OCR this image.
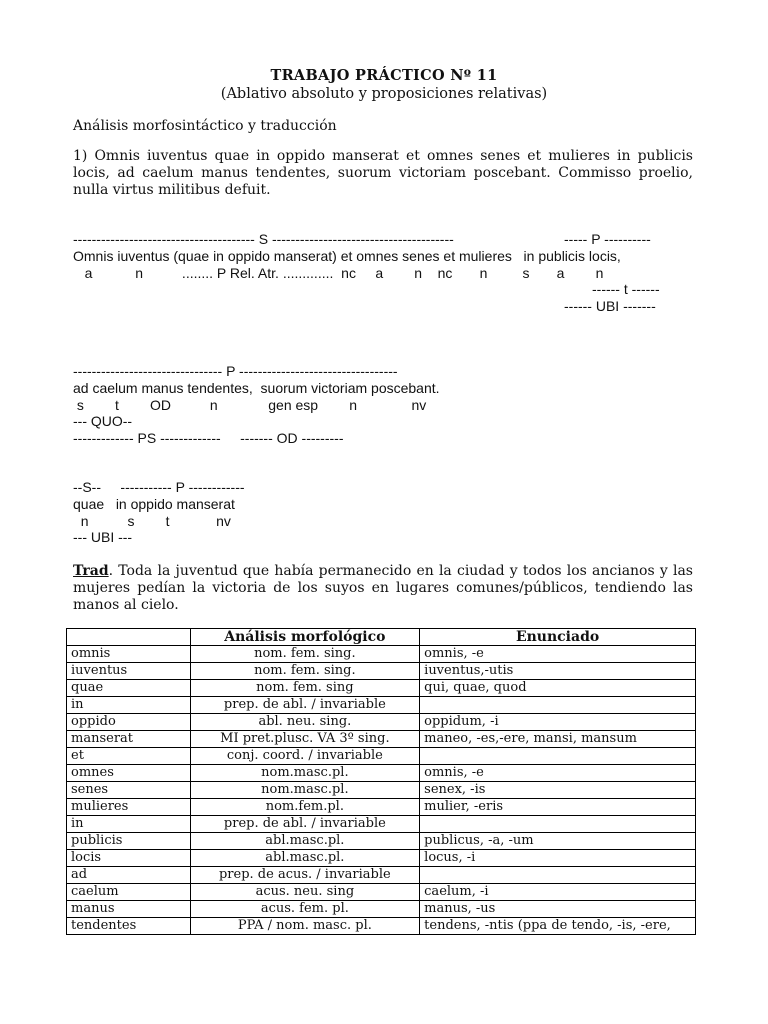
TRABAJO PRÁCTICO Nº 11
(Ablativo absoluto y proposiciones relativas)
Análisis morfosintáctico y traducción
1) Omnis iuventus quae in oppido manserat et omnes senes et mulieres in publicis locis, ad caelum manus tendentes, suorum victoriam poscebant. Commisso proelio, nulla virtus militibus defuit.
--------------------------------------- S ---------------------------------------	----- P ----------
Omnis iuventus (quae in oppido manserat) et omnes senes et mulieres   in publicis locis,
a           n          ........ P Rel. Atr. .............  nc     a        n    nc       n         s       a        n
------ t ------
------ UBI -------
-------------------------------- P ----------------------------------
ad caelum manus tendentes,  suorum victoriam poscebant.
s        t        OD          n             gen esp        n              nv
--- QUO--
------------- PS -------------     ------- OD ---------
--S--     ----------- P ------------
quae   in oppido manserat
n          s        t            nv
--- UBI ---
Trad. Toda la juventud que había permanecido en la ciudad y todos los ancianos y las mujeres pedían la victoria de los suyos en lugares comunes/públicos, tendiendo las manos al cielo.
	Análisis morfológico	Enunciado
omnis	nom. fem. sing.	omnis, -e
iuventus	nom. fem. sing.	iuventus,-utis
quae	nom. fem. sing	qui, quae, quod
in	prep. de abl. / invariable	
oppido	abl. neu. sing.	oppidum, -i
manserat	MI pret.plusc. VA 3º sing.	maneo, -es,-ere, mansi, mansum
et	conj. coord. / invariable	
omnes	nom.masc.pl.	omnis, -e
senes	nom.masc.pl.	senex, -is
mulieres	nom.fem.pl.	mulier, -eris
in	prep. de abl. / invariable	
publicis	abl.masc.pl.	publicus, -a, -um
locis	abl.masc.pl.	locus, -i
ad	prep. de acus. / invariable	
caelum	acus. neu. sing	caelum, -i
manus	acus. fem. pl.	manus, -us
tendentes	PPA / nom. masc. pl.	tendens, -ntis (ppa de tendo, -is, -ere,
